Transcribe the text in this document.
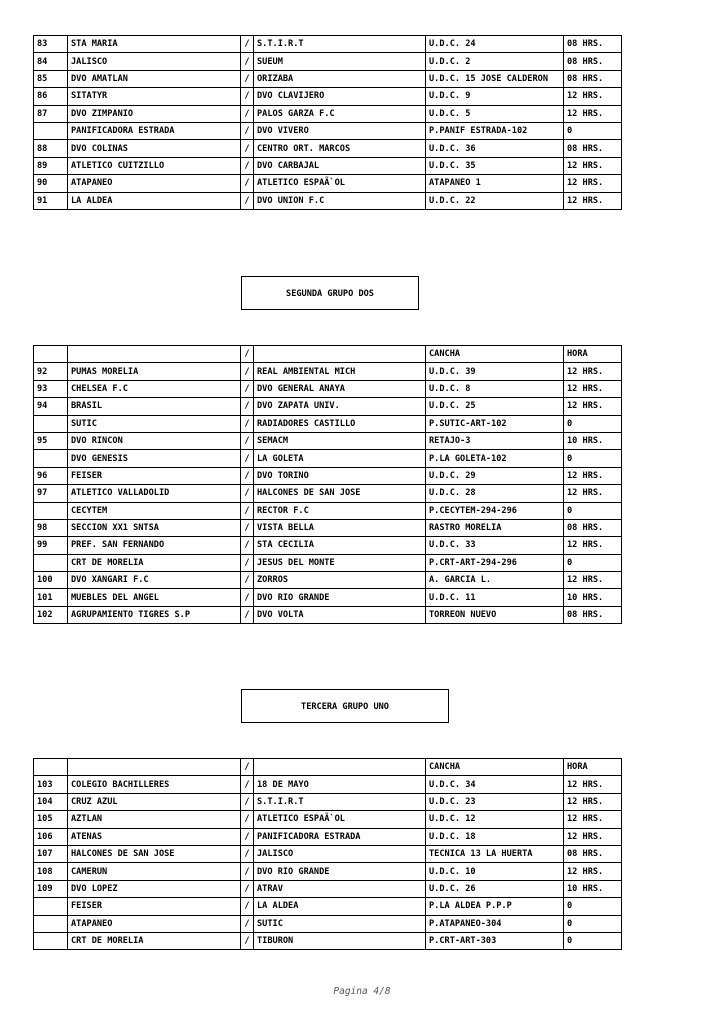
83	STA MARIA	/	S.T.I.R.T	U.D.C. 24	08 HRS.
84	JALISCO	/	SUEUM	U.D.C. 2	08 HRS.
85	DVO AMATLAN	/	ORIZABA	U.D.C. 15 JOSE CALDERON	08 HRS.
86	SITATYR	/	DVO CLAVIJERO	U.D.C. 9	12 HRS.
87	DVO ZIMPANIO	/	PALOS GARZA F.C	U.D.C. 5	12 HRS.
	PANIFICADORA ESTRADA	/	DVO VIVERO	P.PANIF ESTRADA-102	0
88	DVO COLINAS	/	CENTRO ORT. MARCOS	U.D.C. 36	08 HRS.
89	ATLETICO CUITZILLO	/	DVO CARBAJAL	U.D.C. 35	12 HRS.
90	ATAPANEO	/	ATLETICO ESPAÃ`OL	ATAPANEO 1	12 HRS.
91	LA ALDEA	/	DVO UNION F.C	U.D.C. 22	12 HRS.
SEGUNDA GRUPO DOS
		/		CANCHA	HORA
92	PUMAS MORELIA	/	REAL AMBIENTAL MICH	U.D.C. 39	12 HRS.
93	CHELSEA F.C	/	DVO GENERAL ANAYA	U.D.C. 8	12 HRS.
94	BRASIL	/	DVO ZAPATA UNIV.	U.D.C. 25	12 HRS.
	SUTIC	/	RADIADORES CASTILLO	P.SUTIC-ART-102	0
95	DVO RINCON	/	SEMACM	RETAJO-3	10 HRS.
	DVO GENESIS	/	LA GOLETA	P.LA GOLETA-102	0
96	FEISER	/	DVO TORINO	U.D.C. 29	12 HRS.
97	ATLETICO VALLADOLID	/	HALCONES DE SAN JOSE	U.D.C. 28	12 HRS.
	CECYTEM	/	RECTOR F.C	P.CECYTEM-294-296	0
98	SECCION XX1 SNTSA	/	VISTA BELLA	RASTRO MORELIA	08 HRS.
99	PREF. SAN FERNANDO	/	STA CECILIA	U.D.C. 33	12 HRS.
	CRT DE MORELIA	/	JESUS DEL MONTE	P.CRT-ART-294-296	0
100	DVO XANGARI F.C	/	ZORROS	A. GARCIA L.	12 HRS.
101	MUEBLES DEL ANGEL	/	DVO RIO GRANDE	U.D.C. 11	10 HRS.
102	AGRUPAMIENTO TIGRES S.P	/	DVO VOLTA	TORREON NUEVO	08 HRS.
TERCERA GRUPO UNO
		/		CANCHA	HORA
103	COLEGIO BACHILLERES	/	18 DE MAYO	U.D.C. 34	12 HRS.
104	CRUZ AZUL	/	S.T.I.R.T	U.D.C. 23	12 HRS.
105	AZTLAN	/	ATLETICO ESPAÃ`OL	U.D.C. 12	12 HRS.
106	ATENAS	/	PANIFICADORA ESTRADA	U.D.C. 18	12 HRS.
107	HALCONES DE SAN JOSE	/	JALISCO	TECNICA 13 LA HUERTA	08 HRS.
108	CAMERUN	/	DVO RIO GRANDE	U.D.C. 10	12 HRS.
109	DVO LOPEZ	/	ATRAV	U.D.C. 26	10 HRS.
	FEISER	/	LA ALDEA	P.LA ALDEA P.P.P	0
	ATAPANEO	/	SUTIC	P.ATAPANEO-304	0
	CRT DE MORELIA	/	TIBURON	P.CRT-ART-303	0
Pagina 4/8
